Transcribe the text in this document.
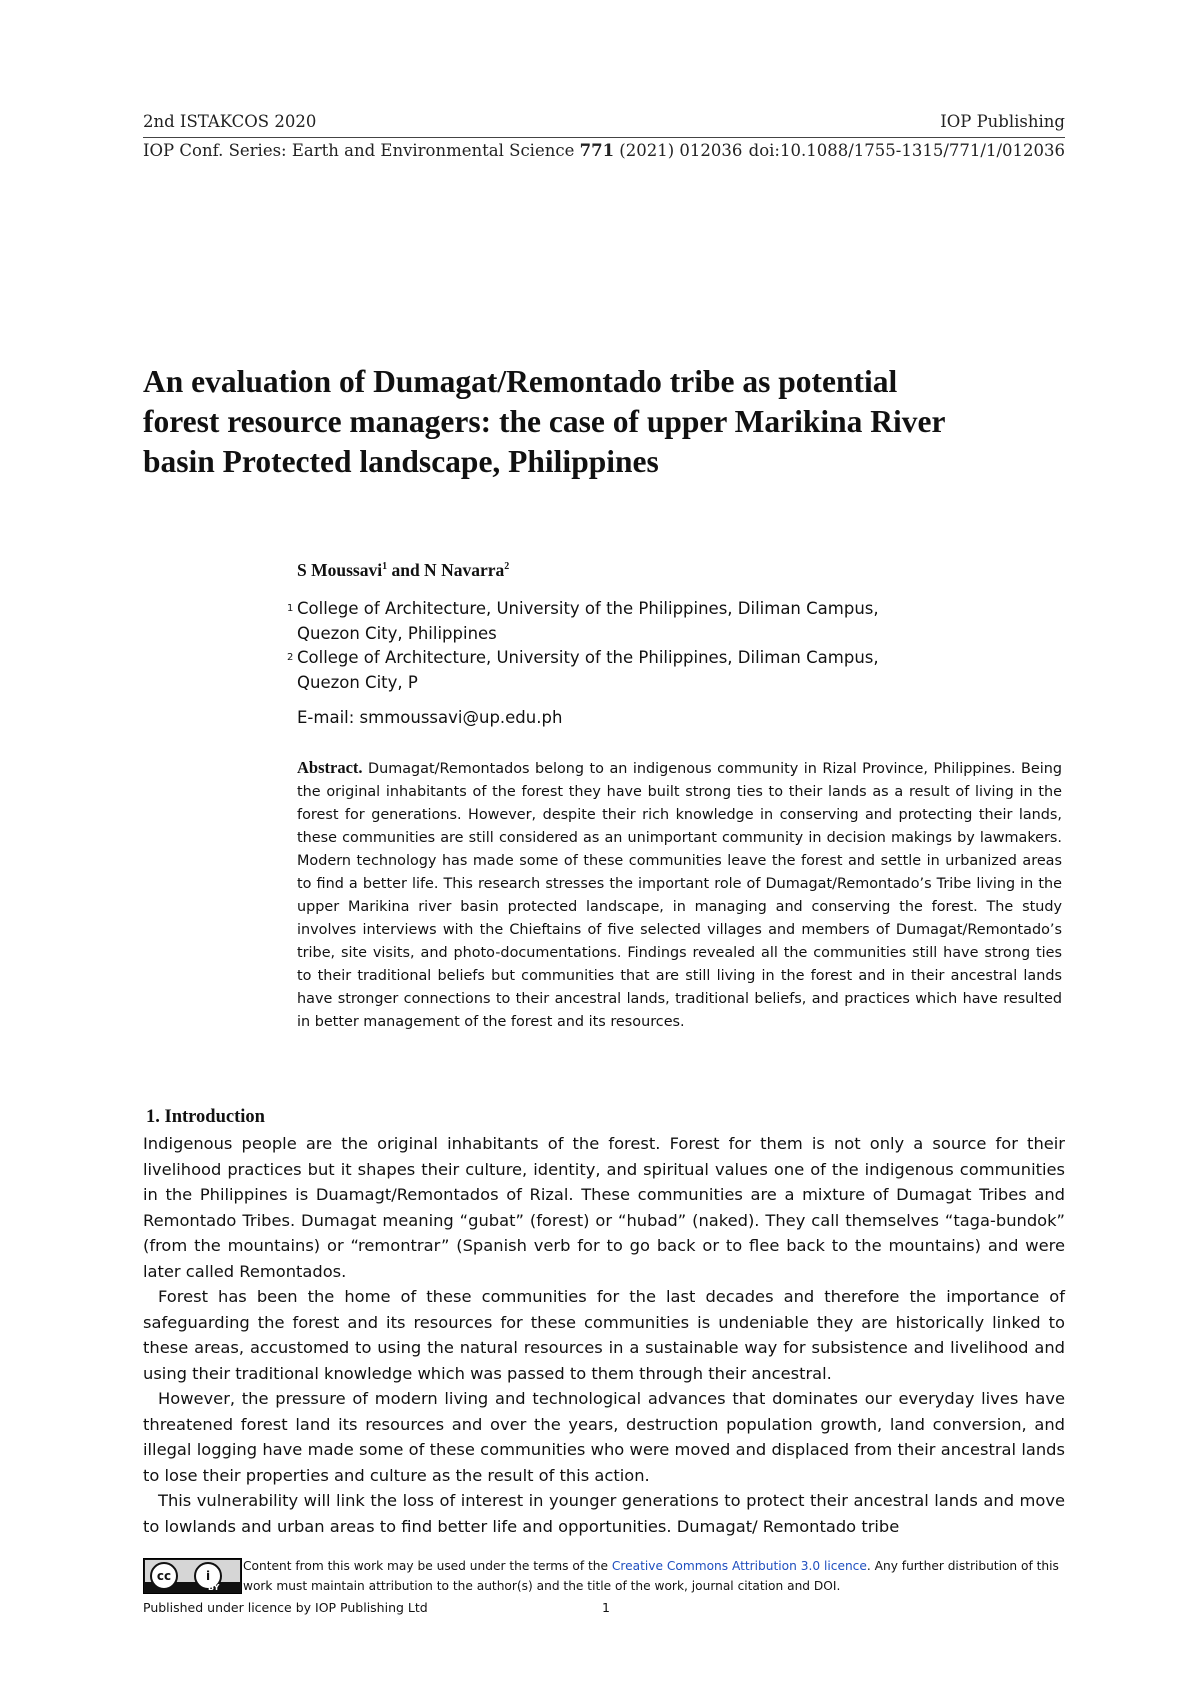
2nd ISTAKCOS 2020	IOP Publishing
IOP Conf. Series: Earth and Environmental Science 771 (2021) 012036 doi:10.1088/1755-1315/771/1/012036
An evaluation of Dumagat/Remontado tribe as potential
forest resource managers: the case of upper Marikina River
basin Protected landscape, Philippines
S Moussavi$^1$ and N Navarra$^2$
1 College of Architecture, University of the Philippines, Diliman Campus,
Quezon City, Philippines
2 College of Architecture, University of the Philippines, Diliman Campus,
Quezon City, P
E-mail: smmoussavi@up.edu.ph
Abstract. Dumagat/Remontados belong to an indigenous community in Rizal Province, Philippines. Being the original inhabitants of the forest they have built strong ties to their lands as a result of living in the forest for generations. However, despite their rich knowledge in conserving and protecting their lands, these communities are still considered as an unimportant community in decision makings by lawmakers. Modern technology has made some of these communities leave the forest and settle in urbanized areas to find a better life. This research stresses the important role of Dumagat/Remontado’s Tribe living in the upper Marikina river basin protected landscape, in managing and conserving the forest. The study involves interviews with the Chieftains of five selected villages and members of Dumagat/Remontado’s tribe, site visits, and photo-documentations. Findings revealed all the communities still have strong ties to their traditional beliefs but communities that are still living in the forest and in their ancestral lands have stronger connections to their ancestral lands, traditional beliefs, and practices which have resulted in better management of the forest and its resources.
1. Introduction

Indigenous people are the original inhabitants of the forest. Forest for them is not only a source for their livelihood practices but it shapes their culture, identity, and spiritual values one of the indigenous communities in the Philippines is Duamagt/Remontados of Rizal. These communities are a mixture of Dumagat Tribes and Remontado Tribes. Dumagat meaning “gubat” (forest) or “hubad” (naked). They call themselves “taga-bundok” (from the mountains) or “remontrar” (Spanish verb for to go back or to flee back to the mountains) and were later called Remontados.

Forest has been the home of these communities for the last decades and therefore the importance of safeguarding the forest and its resources for these communities is undeniable they are historically linked to these areas, accustomed to using the natural resources in a sustainable way for subsistence and livelihood and using their traditional knowledge which was passed to them through their ancestral.

However, the pressure of modern living and technological advances that dominates our everyday lives have threatened forest land its resources and over the years, destruction population growth, land conversion, and illegal logging have made some of these communities who were moved and displaced from their ancestral lands to lose their properties and culture as the result of this action.

This vulnerability will link the loss of interest in younger generations to protect their ancestral lands and move to lowlands and urban areas to find better life and opportunities. Dumagat/ Remontado tribe

cc	i
BY
Content from this work may be used under the terms of the Creative Commons Attribution 3.0 licence. Any further distribution of this work must maintain attribution to the author(s) and the title of the work, journal citation and DOI.
Published under licence by IOP Publishing Ltd	1
